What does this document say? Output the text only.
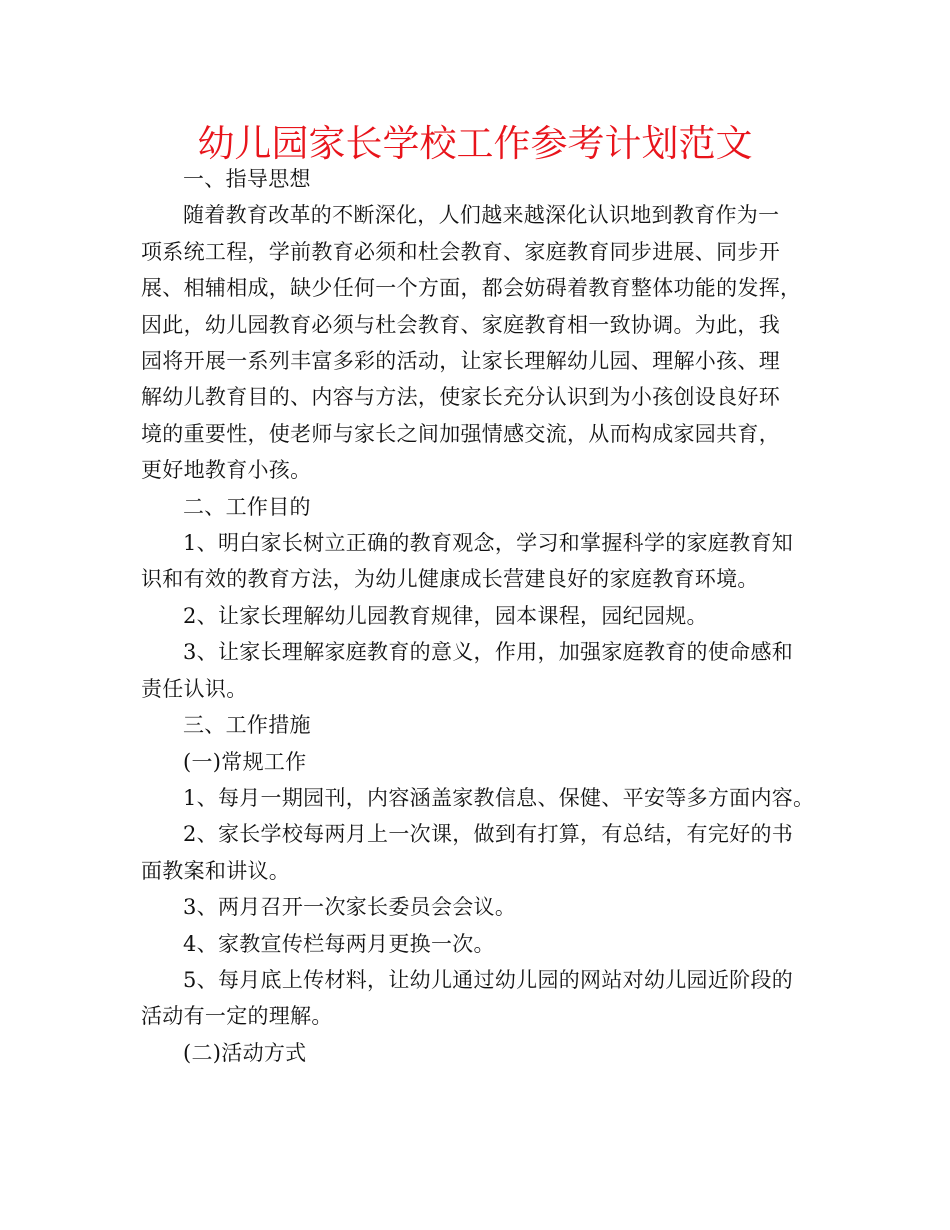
幼儿园家长学校工作参考计划范文

一、指导思想

随着教育改革的不断深化，人们越来越深化认识地到教育作为一
项系统工程，学前教育必须和杜会教育、家庭教育同步进展、同步开
展、相辅相成，缺少任何一个方面，都会妨碍着教育整体功能的发挥，
因此，幼儿园教育必须与杜会教育、家庭教育相一致协调。为此，我
园将开展一系列丰富多彩的活动，让家长理解幼儿园、理解小孩、理
解幼儿教育目的、内容与方法，使家长充分认识到为小孩创设良好环
境的重要性，使老师与家长之间加强情感交流，从而构成家园共育，
更好地教育小孩。

二、工作目的

1、明白家长树立正确的教育观念，学习和掌握科学的家庭教育知
识和有效的教育方法，为幼儿健康成长营建良好的家庭教育环境。

2、让家长理解幼儿园教育规律，园本课程，园纪园规。

3、让家长理解家庭教育的意义，作用，加强家庭教育的使命感和
责任认识。

三、工作措施

(一)常规工作

1、每月一期园刊，内容涵盖家教信息、保健、平安等多方面内容。

2、家长学校每两月上一次课，做到有打算，有总结，有完好的书
面教案和讲议。

3、两月召开一次家长委员会会议。

4、家教宣传栏每两月更换一次。

5、每月底上传材料，让幼儿通过幼儿园的网站对幼儿园近阶段的
活动有一定的理解。

(二)活动方式
